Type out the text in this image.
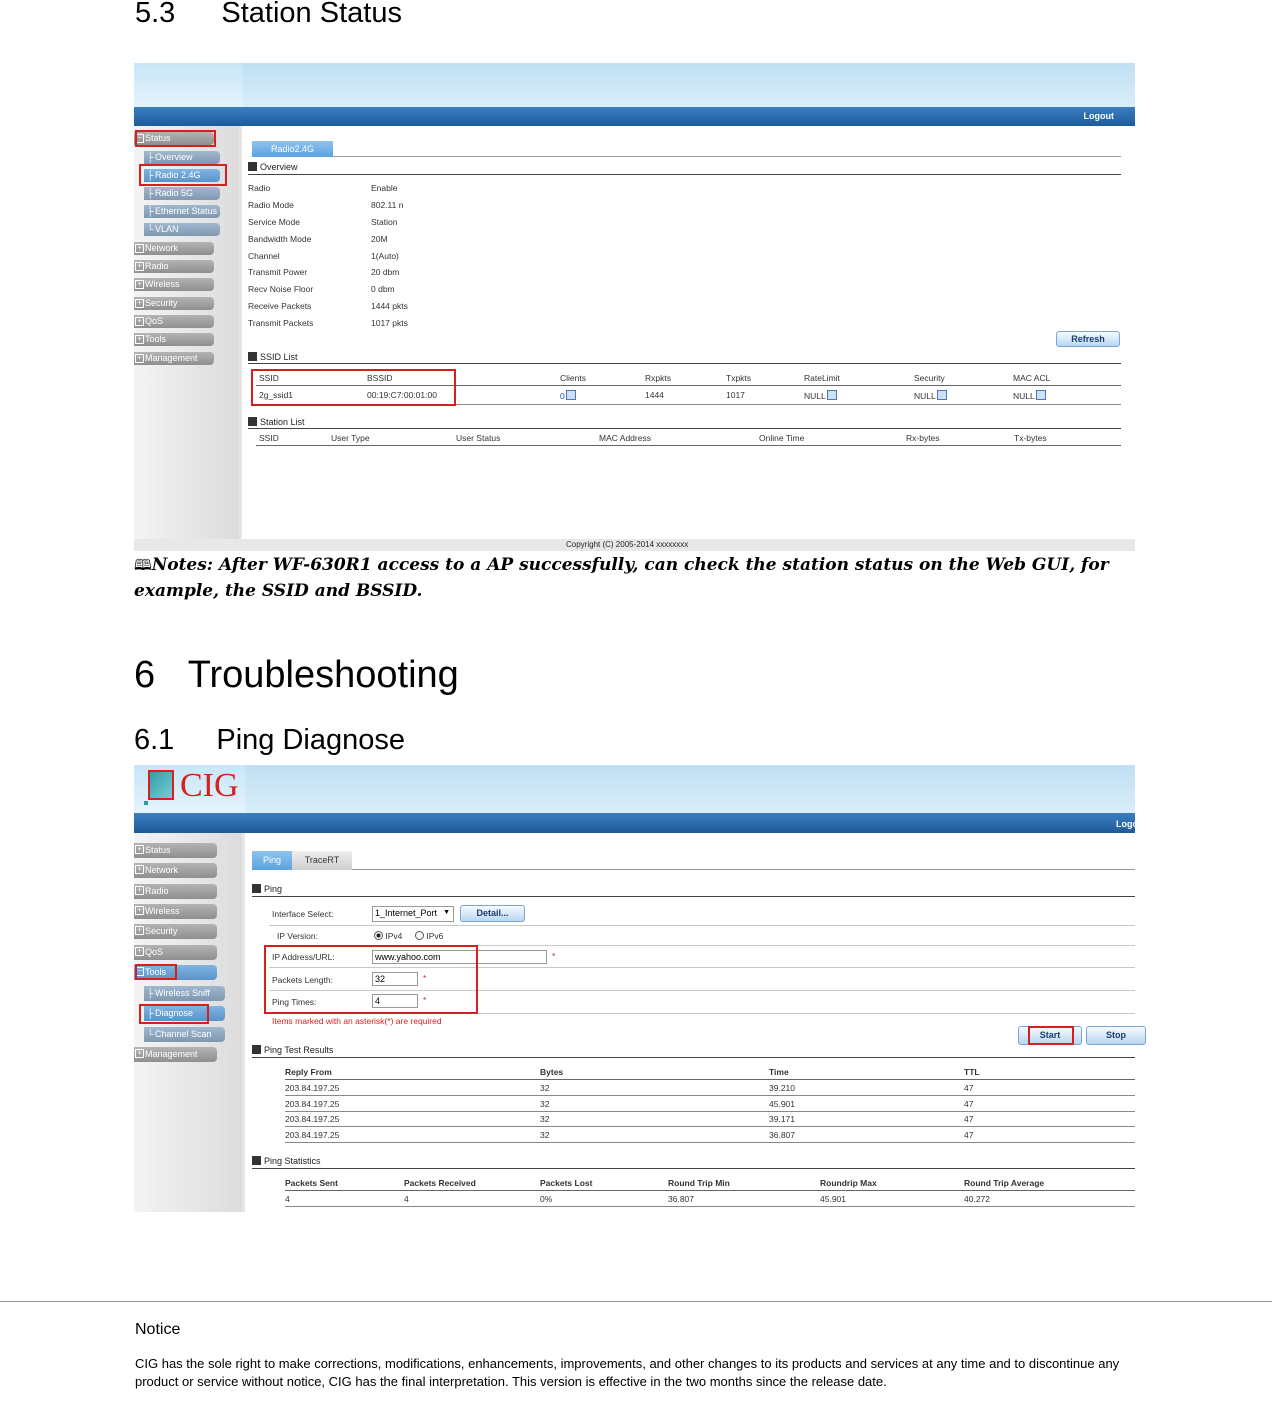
5.3 Station Status
Logout
− Status
├ Overview
├ Radio 2.4G
├ Radio 5G
├ Ethernet Status
└ VLAN
+ Network
+ Radio
+ Wireless
+ Security
+ QoS
+ Tools
+ Management
Radio2.4G
Overview
Radio	Enable
Radio Mode	802.11 n
Service Mode	Station
Bandwidth Mode	20M
Channel	1(Auto)
Transmit Power	20 dbm
Recv Noise Floor	0 dbm
Receive Packets	1444 pkts
Transmit Packets	1017 pkts
Refresh
SSID List
SSID	BSSID	Clients	Rxpkts	Txpkts	RateLimit	Security	MAC ACL
2g_ssid1	00:19:C7:00:01:00	0	1444	1017	NULL	NULL	NULL
Station List
SSID	User Type	User Status	MAC Address	Online Time	Rx-bytes	Tx-bytes
Copyright (C) 2005-2014 xxxxxxxx
🕮Notes: After WF-630R1 access to a AP successfully, can check the station status on the Web GUI, for example, the SSID and BSSID.
6 Troubleshooting
6.1 Ping Diagnose
CIG
Logo
+ Status
+ Network
+ Radio
+ Wireless
+ Security
+ QoS
− Tools
├ Wireless Sniff
├ Diagnose
└ Channel Scan
+ Management
Ping	TraceRT
Ping
Interface Select:	1_Internet_Port ▼	Detail...
IP Version:	IPv4	IPv6
IP Address/URL:	www.yahoo.com	*
Packets Length:	32	*
Ping Times:	4	*
Items marked with an asterisk(*) are required
Start	Stop
Ping Test Results
Reply From	Bytes	Time	TTL
203.84.197.25	32	39.210	47
203.84.197.25	32	45.901	47
203.84.197.25	32	39.171	47
203.84.197.25	32	36.807	47
Ping Statistics
Packets Sent	Packets Received	Packets Lost	Round Trip Min	Roundrip Max	Round Trip Average
4	4	0%	36.807	45.901	40.272
Notice
CIG has the sole right to make corrections, modifications, enhancements, improvements, and other changes to its products and services at any time and to discontinue any product or service without notice, CIG has the final interpretation. This version is effective in the two months since the release date.
